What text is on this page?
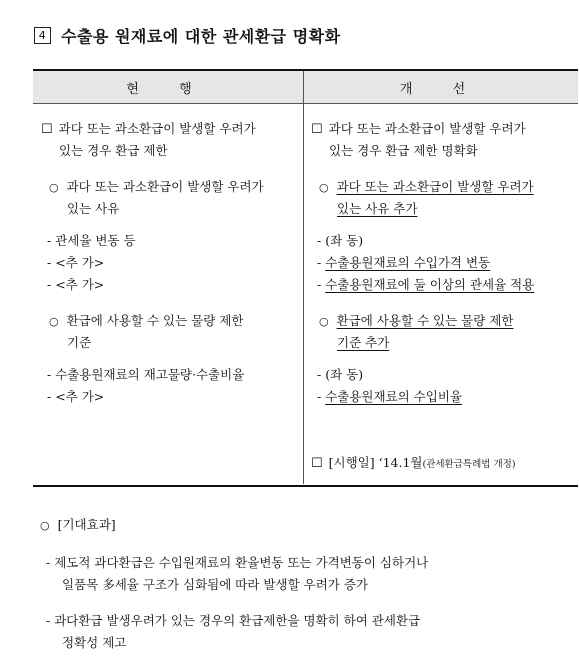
4 수출용 원재료에 대한 관세환급 명확화
현 행	개 선
☐ 과다 또는 과소환급이 발생할 우려가
있는 경우 환급 제한
○ 과다 또는 과소환급이 발생할 우려가
있는 사유
- 관세율 변동 등
- <추 가>
- <추 가>
○ 환급에 사용할 수 있는 물량 제한
기준
- 수출용원재료의 재고물량·수출비율
- <추 가>
☐ 과다 또는 과소환급이 발생할 우려가
있는 경우 환급 제한 명확화
○ 과다 또는 과소환급이 발생할 우려가
있는 사유 추가
- (좌 동)
- 수출용원재료의 수입가격 변동
- 수출용원재료에 둘 이상의 관세율 적용
○ 환급에 사용할 수 있는 물량 제한
기준 추가
- (좌 동)
- 수출용원재료의 수입비율
☐ [시행일] ‘14.1월(관세환급특례법 개정)
○ [기대효과]
- 제도적 과다환급은 수입원재료의 환율변동 또는 가격변동이 심하거나
일품목 多세율 구조가 심화됨에 따라 발생할 우려가 증가
- 과다환급 발생우려가 있는 경우의 환급제한을 명확히 하여 관세환급
정확성 제고
